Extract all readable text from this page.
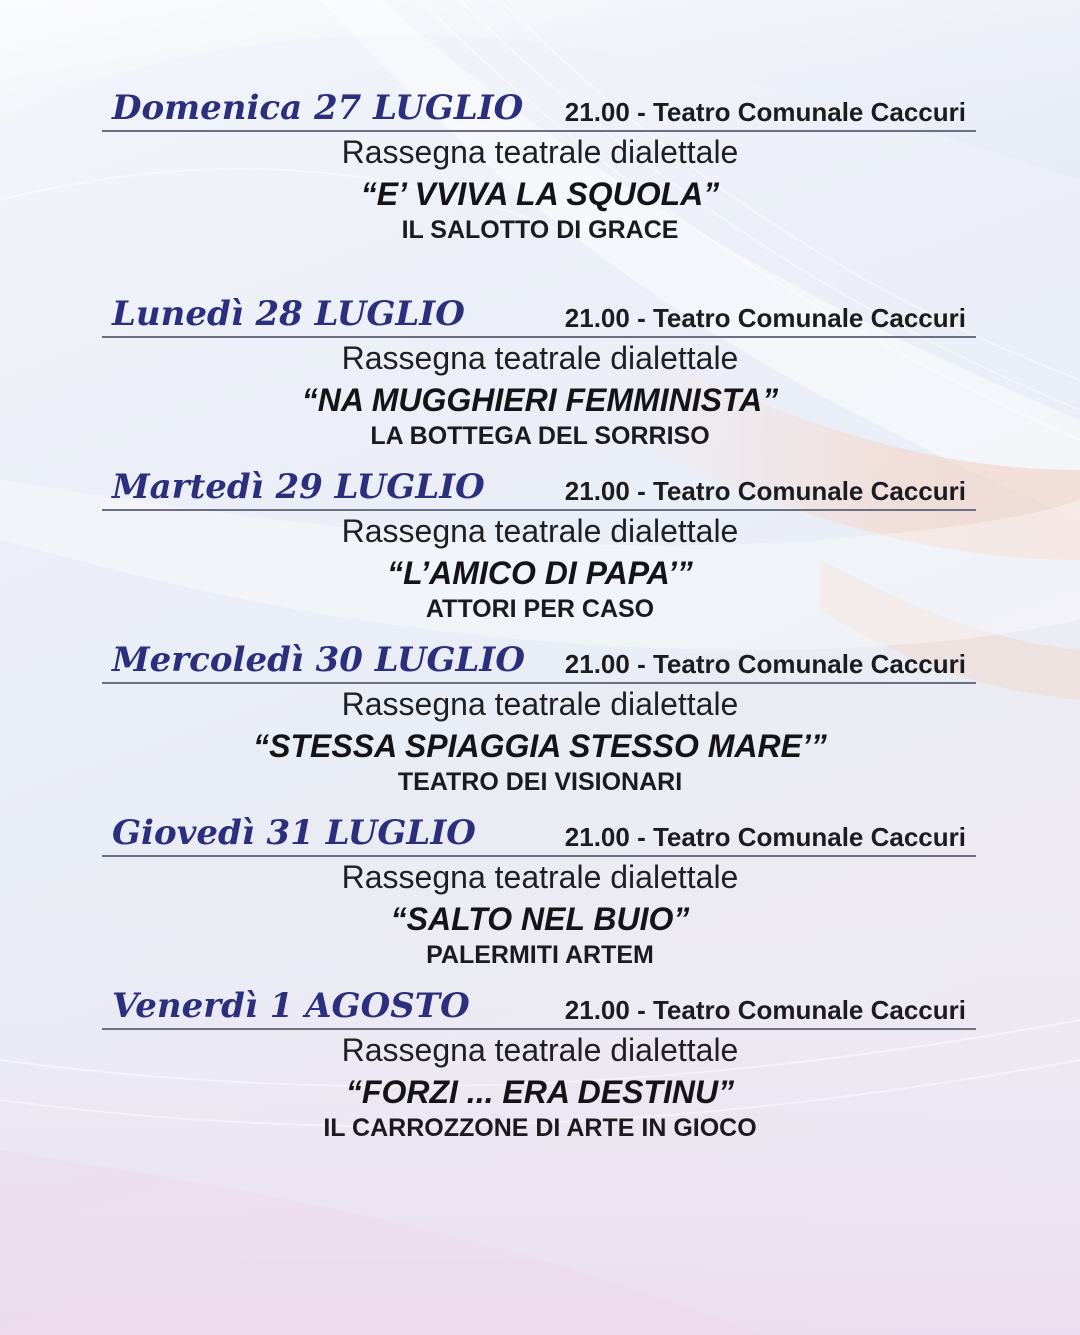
Domenica 27 LUGLIO 21.00 - Teatro Comunale Caccuri
Rassegna teatrale dialettale
“E’ VVIVA LA SQUOLA”
IL SALOTTO DI GRACE
Lunedì 28 LUGLIO	21.00 - Teatro Comunale Caccuri
Rassegna teatrale dialettale
“NA MUGGHIERI FEMMINISTA”
LA BOTTEGA DEL SORRISO
Martedì 29 LUGLIO	21.00 - Teatro Comunale Caccuri
Rassegna teatrale dialettale
“L’AMICO DI PAPA’”
ATTORI PER CASO
Mercoledì 30 LUGLIO 21.00 - Teatro Comunale Caccuri
Rassegna teatrale dialettale
“STESSA SPIAGGIA STESSO MARE’”
TEATRO DEI VISIONARI
Giovedì 31 LUGLIO	21.00 - Teatro Comunale Caccuri
Rassegna teatrale dialettale
“SALTO NEL BUIO”
PALERMITI ARTEM
Venerdì 1 AGOSTO	21.00 - Teatro Comunale Caccuri
Rassegna teatrale dialettale
“FORZI ... ERA DESTINU”
IL CARROZZONE DI ARTE IN GIOCO
